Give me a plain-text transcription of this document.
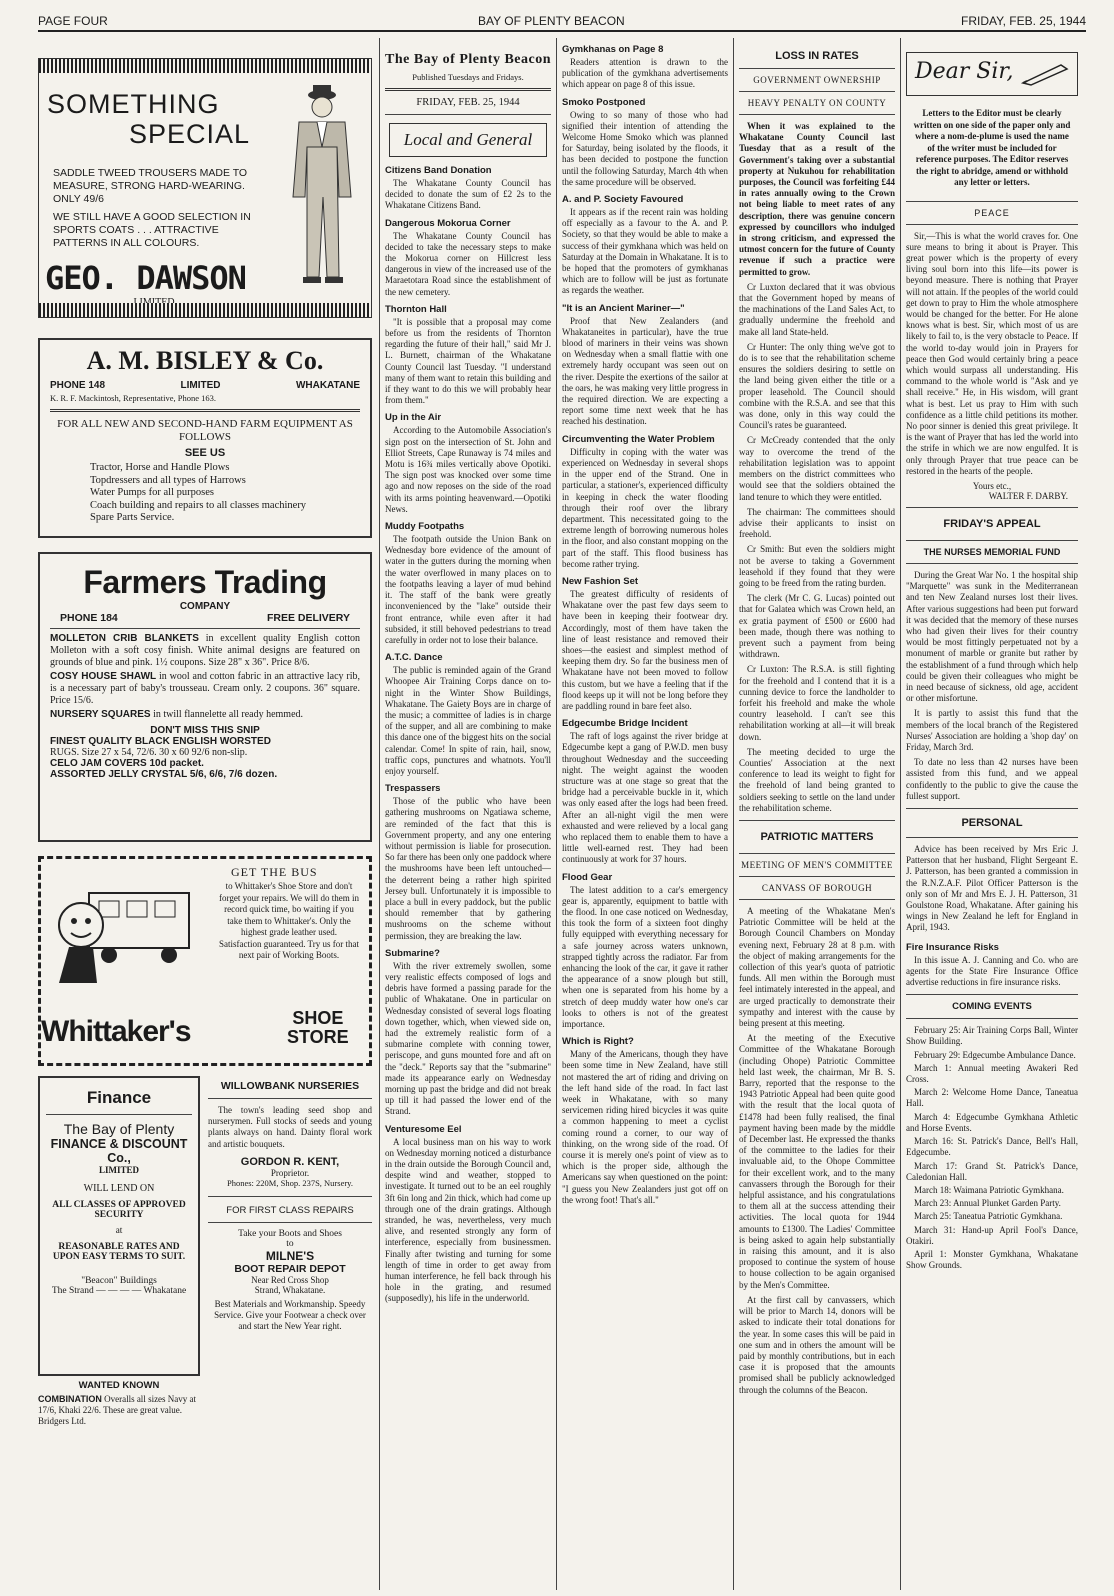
PAGE FOUR	BAY OF PLENTY BEACON	FRIDAY, FEB. 25, 1944
SOMETHING
SPECIAL
SADDLE TWEED TROUSERS MADE TO MEASURE, STRONG HARD-WEARING. ONLY 49/6
WE STILL HAVE A GOOD SELECTION IN SPORTS COATS . . . ATTRACTIVE PATTERNS IN ALL COLOURS.
GEO. DAWSON
A. M. BISLEY & Co.
PHONE 148	LIMITED	WHAKATANE
K. R. F. Mackintosh, Representative, Phone 163.
FOR ALL NEW AND SECOND-HAND FARM EQUIPMENT AS FOLLOWS
SEE US
Tractor, Horse and Handle Plows
Topdressers and all types of Harrows
Water Pumps for all purposes
Coach building and repairs to all classes machinery
Spare Parts Service.
Farmers Trading
COMPANY
PHONE 184	FREE DELIVERY

MOLLETON CRIB BLANKETS in excellent quality English cotton Molleton with a soft cosy finish. White animal designs are featured on grounds of blue and pink. 1½ coupons. Size 28" x 36". Price 8/6.

COSY HOUSE SHAWL in wool and cotton fabric in an attractive lacy rib, is a necessary part of baby's trousseau. Cream only. 2 coupons. 36" square. Price 15/6.

NURSERY SQUARES in twill flannelette all ready hemmed.

DON'T MISS THIS SNIP
FINEST QUALITY BLACK ENGLISH WORSTED
RUGS. Size 27 x 54, 72/6. 30 x 60 92/6 non-slip.
CELO JAM COVERS 10d packet.
ASSORTED JELLY CRYSTAL 5/6, 6/6, 7/6 dozen.
GET THE BUS
to Whittaker's Shoe Store and don't forget your repairs. We will do them in record quick time, bo waiting if you take them to Whittaker's. Only the highest grade leather used. Satisfaction guaranteed. Try us for that next pair of Working Boots.
Whittaker's	SHOE
STORE
Finance
The Bay of Plenty
FINANCE & DISCOUNT Co.,
LIMITED
WILL LEND ON
ALL CLASSES OF APPROVED SECURITY
at
REASONABLE RATES AND UPON EASY TERMS TO SUIT.
"Beacon" Buildings
The Strand — — — — Whakatane
WANTED KNOWN
WILLOWBANK NURSERIES
The town's leading seed shop and nurserymen. Full stocks of seeds and young plants always on hand. Dainty floral work and artistic bouquets.
GORDON R. KENT,
Proprietor.
Phones: 220M, Shop. 237S, Nursery.
FOR FIRST CLASS REPAIRS
Take your Boots and Shoes
to
MILNE'S
BOOT REPAIR DEPOT
Near Red Cross Shop
Strand, Whakatane.
Best Materials and Workmanship. Speedy Service. Give your Footwear a check over and start the New Year right.
COMBINATION Overalls all sizes Navy at 17/6, Khaki 22/6. These are great value. Bridgers Ltd.
The Bay of Plenty Beacon
Published Tuesdays and Fridays.
FRIDAY, FEB. 25, 1944
Local and General
Citizens Band Donation

The Whakatane County Council has decided to donate the sum of £2 2s to the Whakatane Citizens Band.

Dangerous Mokorua Corner

The Whakatane County Council has decided to take the necessary steps to make the Mokorua corner on Hillcrest less dangerous in view of the increased use of the Maraetotara Road since the establishment of the new cemetery.

Thornton Hall

"It is possible that a proposal may come before us from the residents of Thornton regarding the future of their hall," said Mr J. L. Burnett, chairman of the Whakatane County Council last Tuesday. "I understand many of them want to retain this building and if they want to do this we will probably hear from them."

Up in the Air

According to the Automobile Association's sign post on the intersection of St. John and Elliot Streets, Cape Runaway is 74 miles and Motu is 16¾ miles vertically above Opotiki. The sign post was knocked over some time ago and now reposes on the side of the road with its arms pointing heavenward.—Opotiki News.

Muddy Footpaths

The footpath outside the Union Bank on Wednesday bore evidence of the amount of water in the gutters during the morning when the water overflowed in many places on to the footpaths leaving a layer of mud behind it. The staff of the bank were greatly inconvenienced by the "lake" outside their front entrance, while even after it had subsided, it still behoved pedestrians to tread carefully in order not to lose their balance.

A.T.C. Dance

The public is reminded again of the Grand Whoopee Air Training Corps dance on to-night in the Winter Show Buildings, Whakatane. The Gaiety Boys are in charge of the music; a committee of ladies is in charge of the supper, and all are combining to make this dance one of the biggest hits on the social calendar. Come! In spite of rain, hail, snow, traffic cops, punctures and whatnots. You'll enjoy yourself.

Trespassers

Those of the public who have been gathering mushrooms on Ngatiawa scheme, are reminded of the fact that this is Government property, and any one entering without permission is liable for prosecution. So far there has been only one paddock where the mushrooms have been left untouched—the deterrent being a rather high spirited Jersey bull. Unfortunately it is impossible to place a bull in every paddock, but the public should remember that by gathering mushrooms on the scheme without permission, they are breaking the law.

Submarine?

With the river extremely swollen, some very realistic effects composed of logs and debris have formed a passing parade for the public of Whakatane. One in particular on Wednesday consisted of several logs floating down together, which, when viewed side on, had the extremely realistic form of a submarine complete with conning tower, periscope, and guns mounted fore and aft on the "deck." Reports say that the "submarine" made its appearance early on Wednesday morning up past the bridge and did not break up till it had passed the lower end of the Strand.

Venturesome Eel

A local business man on his way to work on Wednesday morning noticed a disturbance in the drain outside the Borough Council and, despite wind and weather, stopped to investigate. It turned out to be an eel roughly 3ft 6in long and 2in thick, which had come up through one of the drain gratings. Although stranded, he was, nevertheless, very much alive, and resented strongly any form of interference, especially from businessmen. Finally after twisting and turning for some length of time in order to get away from human interference, he fell back through his hole in the grating, and resumed (supposedly), his life in the underworld.

Gymkhanas on Page 8

Readers attention is drawn to the publication of the gymkhana advertisements which appear on page 8 of this issue.

Smoko Postponed

Owing to so many of those who had signified their intention of attending the Welcome Home Smoko which was planned for Saturday, being isolated by the floods, it has been decided to postpone the function until the following Saturday, March 4th when the same procedure will be observed.

A. and P. Society Favoured

It appears as if the recent rain was holding off especially as a favour to the A. and P. Society, so that they would be able to make a success of their gymkhana which was held on Saturday at the Domain in Whakatane. It is to be hoped that the promoters of gymkhanas which are to follow will be just as fortunate as regards the weather.

"It is an Ancient Mariner—"

Proof that New Zealanders (and Whakataneites in particular), have the true blood of mariners in their veins was shown on Wednesday when a small flattie with one extremely hardy occupant was seen out on the river. Despite the exertions of the sailor at the oars, he was making very little progress in the required direction. We are expecting a report some time next week that he has reached his destination.

Circumventing the Water Problem

Difficulty in coping with the water was experienced on Wednesday in several shops in the upper end of the Strand. One in particular, a stationer's, experienced difficulty in keeping in check the water flooding through their roof over the library department. This necessitated going to the extreme length of borrowing numerous holes in the floor, and also constant mopping on the part of the staff. This flood business has become rather trying.

New Fashion Set

The greatest difficulty of residents of Whakatane over the past few days seem to have been in keeping their footwear dry. Accordingly, most of them have taken the line of least resistance and removed their shoes—the easiest and simplest method of keeping them dry. So far the business men of Whakatane have not been moved to follow this custom, but we have a feeling that if the flood keeps up it will not be long before they are paddling round in bare feet also.

Edgecumbe Bridge Incident

The raft of logs against the river bridge at Edgecumbe kept a gang of P.W.D. men busy throughout Wednesday and the succeeding night. The weight against the wooden structure was at one stage so great that the bridge had a perceivable buckle in it, which was only eased after the logs had been freed. After an all-night vigil the men were exhausted and were relieved by a local gang who replaced them to enable them to have a little well-earned rest. They had been continuously at work for 37 hours.

Flood Gear

The latest addition to a car's emergency gear is, apparently, equipment to battle with the flood. In one case noticed on Wednesday, this took the form of a sixteen foot dinghy fully equipped with everything necessary for a safe journey across waters unknown, strapped tightly across the radiator. Far from enhancing the look of the car, it gave it rather the appearance of a snow plough but still, when one is separated from his home by a stretch of deep muddy water how one's car looks to others is not of the greatest importance.

Which is Right?

Many of the Americans, though they have been some time in New Zealand, have still not mastered the art of riding and driving on the left hand side of the road. In fact last week in Whakatane, with so many servicemen riding hired bicycles it was quite a common happening to meet a cyclist coming round a corner, to our way of thinking, on the wrong side of the road. Of course it is merely one's point of view as to which is the proper side, although the Americans say when questioned on the point: "I guess you New Zealanders just got off on the wrong foot! That's all."

LOSS IN RATES
GOVERNMENT OWNERSHIP
HEAVY PENALTY ON COUNTY

When it was explained to the Whakatane County Council last Tuesday that as a result of the Government's taking over a substantial property at Nukuhou for rehabilitation purposes, the Council was forfeiting £44 in rates annually owing to the Crown not being liable to meet rates of any description, there was genuine concern expressed by councillors who indulged in strong criticism, and expressed the utmost concern for the future of County revenue if such a practice were permitted to grow.

Cr Luxton declared that it was obvious that the Government hoped by means of the machinations of the Land Sales Act, to gradually undermine the freehold and make all land State-held.

Cr Hunter: The only thing we've got to do is to see that the rehabilitation scheme ensures the soldiers desiring to settle on the land being given either the title or a proper leasehold. The Council should combine with the R.S.A. and see that this was done, only in this way could the Council's rates be guaranteed.

Cr McCready contended that the only way to overcome the trend of the rehabilitation legislation was to appoint members on the district committees who would see that the soldiers obtained the land tenure to which they were entitled.

The chairman: The committees should advise their applicants to insist on freehold.

Cr Smith: But even the soldiers might not be averse to taking a Government leasehold if they found that they were going to be freed from the rating burden.

The clerk (Mr C. G. Lucas) pointed out that for Galatea which was Crown held, an ex gratia payment of £500 or £600 had been made, though there was nothing to prevent such a payment from being withdrawn.

Cr Luxton: The R.S.A. is still fighting for the freehold and I contend that it is a cunning device to force the landholder to forfeit his freehold and make the whole country leasehold. I can't see this rehabilitation working at all—it will break down.

The meeting decided to urge the Counties' Association at the next conference to lead its weight to fight for the freehold of land being granted to soldiers seeking to settle on the land under the rehabilitation scheme.

PATRIOTIC MATTERS
MEETING OF MEN'S COMMITTEE
CANVASS OF BOROUGH

A meeting of the Whakatane Men's Patriotic Committee will be held at the Borough Council Chambers on Monday evening next, February 28 at 8 p.m. with the object of making arrangements for the collection of this year's quota of patriotic funds. All men within the Borough must feel intimately interested in the appeal, and are urged practically to demonstrate their sympathy and interest with the cause by being present at this meeting.

At the meeting of the Executive Committee of the Whakatane Borough (including Ohope) Patriotic Committee held last week, the chairman, Mr B. S. Barry, reported that the response to the 1943 Patriotic Appeal had been quite good with the result that the local quota of £1478 had been fully realised, the final payment having been made by the middle of December last. He expressed the thanks of the committee to the ladies for their invaluable aid, to the Ohope Committee for their excellent work, and to the many canvassers through the Borough for their helpful assistance, and his congratulations to them all at the success attending their activities. The local quota for 1944 amounts to £1300. The Ladies' Committee is being asked to again help substantially in raising this amount, and it is also proposed to continue the system of house to house collection to be again organised by the Men's Committee.

At the first call by canvassers, which will be prior to March 14, donors will be asked to indicate their total donations for the year. In some cases this will be paid in one sum and in others the amount will be paid by monthly contributions, but in each case it is proposed that the amounts promised shall be publicly acknowledged through the columns of the Beacon.

Dear Sir,

Letters to the Editor must be clearly written on one side of the paper only and where a nom-de-plume is used the name of the writer must be included for reference purposes. The Editor reserves the right to abridge, amend or withhold any letter or letters.

PEACE

Sir,—This is what the world craves for. One sure means to bring it about is Prayer. This great power which is the property of every living soul born into this life—its power is beyond measure. There is nothing that Prayer will not attain. If the peoples of the world could get down to pray to Him the whole atmosphere would be changed for the better. For He alone knows what is best. Sir, which most of us are likely to fail to, is the very obstacle to Peace. If the world to-day would join in Prayers for peace then God would certainly bring a peace which would surpass all understanding. His command to the whole world is "Ask and ye shall receive." He, in His wisdom, will grant what is best. Let us pray to Him with such confidence as a little child petitions its mother. No poor sinner is denied this great privilege. It is the want of Prayer that has led the world into the strife in which we are now engulfed. It is only through Prayer that true peace can be restored in the hearts of the people.

Yours etc.,
WALTER F. DARBY.
FRIDAY'S APPEAL
THE NURSES MEMORIAL FUND

During the Great War No. 1 the hospital ship "Marquette" was sunk in the Mediterranean and ten New Zealand nurses lost their lives. After various suggestions had been put forward it was decided that the memory of these nurses who had given their lives for their country would be most fittingly perpetuated not by a monument of marble or granite but rather by the establishment of a fund through which help could be given their colleagues who might be in need because of sickness, old age, accident or other misfortune.

It is partly to assist this fund that the members of the local branch of the Registered Nurses' Association are holding a 'shop day' on Friday, March 3rd.

To date no less than 42 nurses have been assisted from this fund, and we appeal confidently to the public to give the cause the fullest support.

PERSONAL

Advice has been received by Mrs Eric J. Patterson that her husband, Flight Sergeant E. J. Patterson, has been granted a commission in the R.N.Z.A.F. Pilot Officer Patterson is the only son of Mr and Mrs E. J. H. Patterson, 31 Goulstone Road, Whakatane. After gaining his wings in New Zealand he left for England in April, 1943.

Fire Insurance Risks

In this issue A. J. Canning and Co. who are agents for the State Fire Insurance Office advertise reductions in fire insurance risks.

COMING EVENTS

February 25: Air Training Corps Ball, Winter Show Building.

February 29: Edgecumbe Ambulance Dance.

March 1: Annual meeting Awakeri Red Cross.

March 2: Welcome Home Dance, Taneatua Hall.

March 4: Edgecumbe Gymkhana Athletic and Horse Events.

March 16: St. Patrick's Dance, Bell's Hall, Edgecumbe.

March 17: Grand St. Patrick's Dance, Caledonian Hall.

March 18: Waimana Patriotic Gymkhana.

March 23: Annual Plunket Garden Party.

March 25: Taneatua Patriotic Gymkhana.

March 31: Hand-up April Fool's Dance, Otakiri.

April 1: Monster Gymkhana, Whakatane Show Grounds.
